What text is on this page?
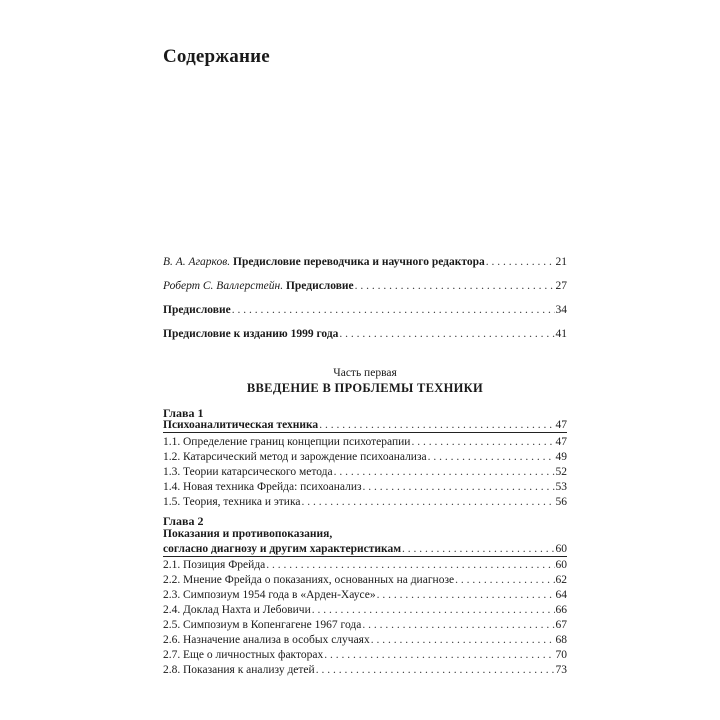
Содержание
В. А. Агарков. Предисловие переводчика и научного редактора . . .	21
Роберт С. Валлерстейн. Предисловие . . .	27
Предисловие . . .	34
Предисловие к изданию 1999 года . . .	41
Часть первая
ВВЕДЕНИЕ В ПРОБЛЕМЫ ТЕХНИКИ
Глава 1
Психоаналитическая техника . . .	47
1.1. Определение границ концепции психотерапии . . .	47
1.2. Катарсический метод и зарождение психоанализа . . .	49
1.3. Теории катарсического метода . . .	52
1.4. Новая техника Фрейда: психоанализ . . .	53
1.5. Теория, техника и этика . . .	56
Глава 2
Показания и противопоказания,
согласно диагнозу и другим характеристикам . . .	60
2.1. Позиция Фрейда . . .	60
2.2. Мнение Фрейда о показаниях, основанных на диагнозе . . .	62
2.3. Симпозиум 1954 года в «Арден-Хаусе» . . .	64
2.4. Доклад Нахта и Лебовичи . . .	66
2.5. Симпозиум в Копенгагене 1967 года . . .	67
2.6. Назначение анализа в особых случаях . . .	68
2.7. Еще о личностных факторах . . .	70
2.8. Показания к анализу детей . . .	73
